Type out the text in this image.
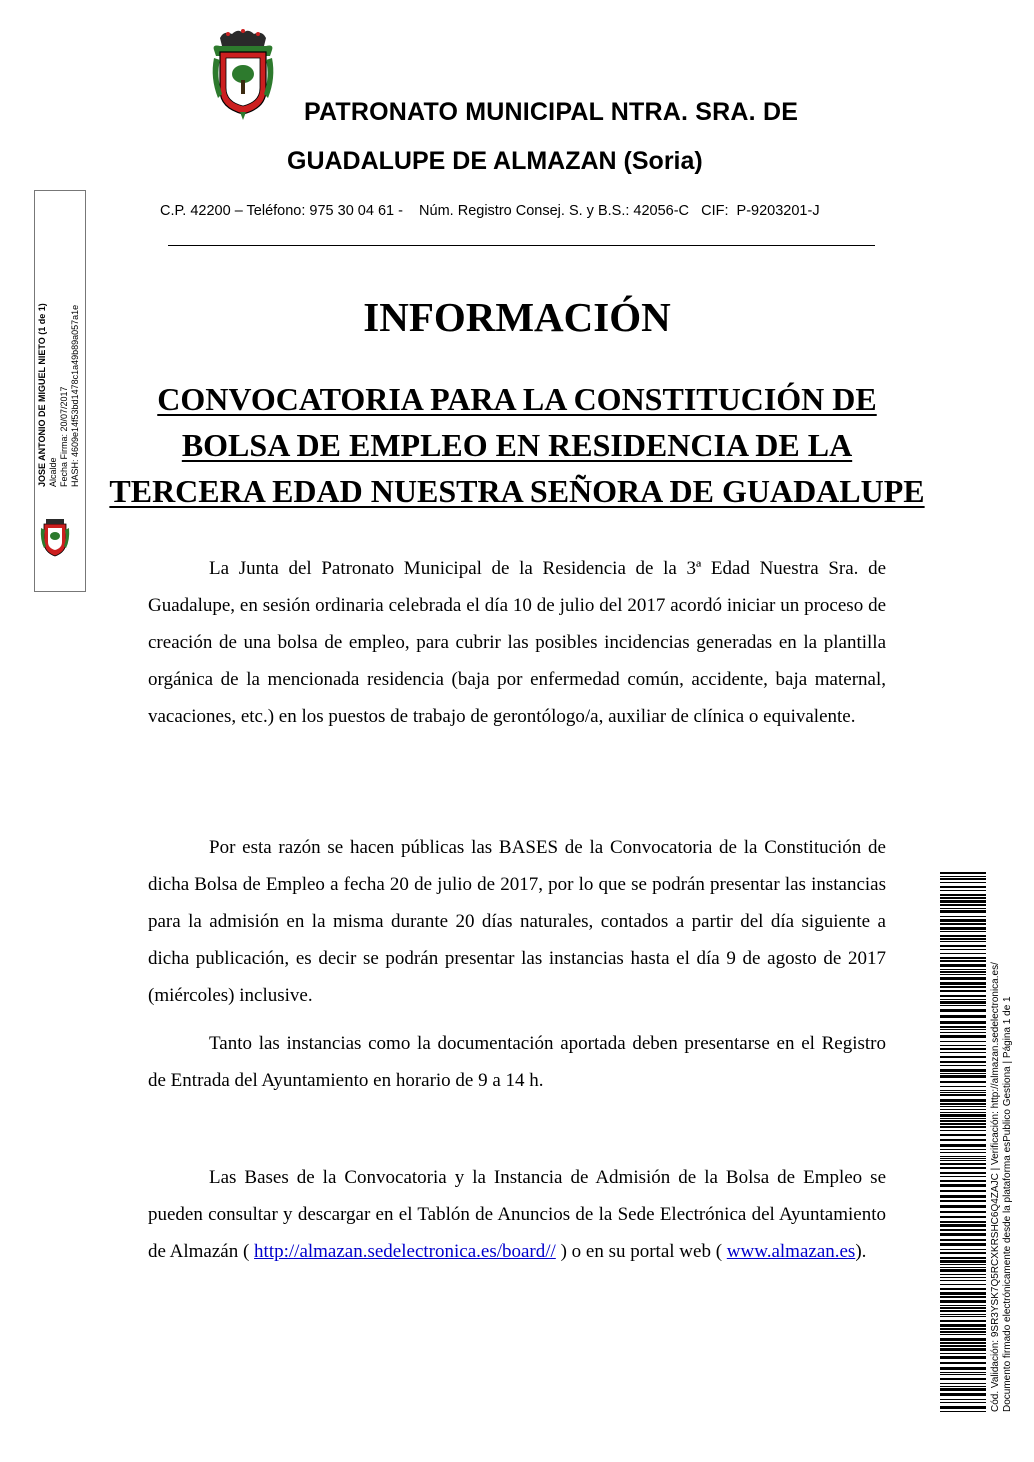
PATRONATO MUNICIPAL NTRA. SRA. DE
GUADALUPE DE ALMAZAN (Soria)
C.P. 42200 – Teléfono: 975 30 04 61 -    Núm. Registro Consej. S. y B.S.: 42056-C   CIF:  P-9203201-J
INFORMACIÓN
CONVOCATORIA PARA LA CONSTITUCIÓN DE
BOLSA DE EMPLEO EN RESIDENCIA DE LA
TERCERA EDAD NUESTRA SEÑORA DE GUADALUPE

La Junta del Patronato Municipal de la Residencia de la 3ª Edad Nuestra Sra. de Guadalupe, en sesión ordinaria celebrada el día 10 de julio del 2017 acordó iniciar un proceso de creación de una bolsa de empleo, para cubrir las posibles incidencias generadas en la plantilla orgánica de la mencionada residencia (baja por enfermedad común, accidente, baja maternal, vacaciones, etc.) en los puestos de trabajo de gerontólogo/a, auxiliar de clínica o equivalente.

Por esta razón se hacen públicas las BASES de la Convocatoria de la Constitución de dicha Bolsa de Empleo a fecha 20 de julio de 2017, por lo que se podrán presentar las instancias para la admisión en la misma durante 20 días naturales, contados a partir del día siguiente a dicha publicación, es decir se podrán presentar las instancias hasta el día 9 de agosto de 2017 (miércoles) inclusive.

Tanto las instancias como la documentación aportada deben presentarse en el Registro de Entrada del Ayuntamiento en horario de 9 a 14 h.

Las Bases de la Convocatoria y la Instancia de Admisión de la Bolsa de Empleo se pueden consultar y descargar en el Tablón de Anuncios de la Sede Electrónica del Ayuntamiento de Almazán ( http://almazan.sedelectronica.es/board// ) o en su portal web ( www.almazan.es).

JOSE ANTONIO DE MIGUEL NIETO (1 de 1) Alcalde Fecha Firma: 20/07/2017 HASH: 4609e14f53bd1478c1a49b89a057a1e
Cód. Validación: 9SR3YSK7Q5RCXKRSHC6Q4ZAJC | Verificación: http://almazan.sedelectronica.es/ Documento firmado electrónicamente desde la plataforma esPublico Gestiona | Página 1 de 1
